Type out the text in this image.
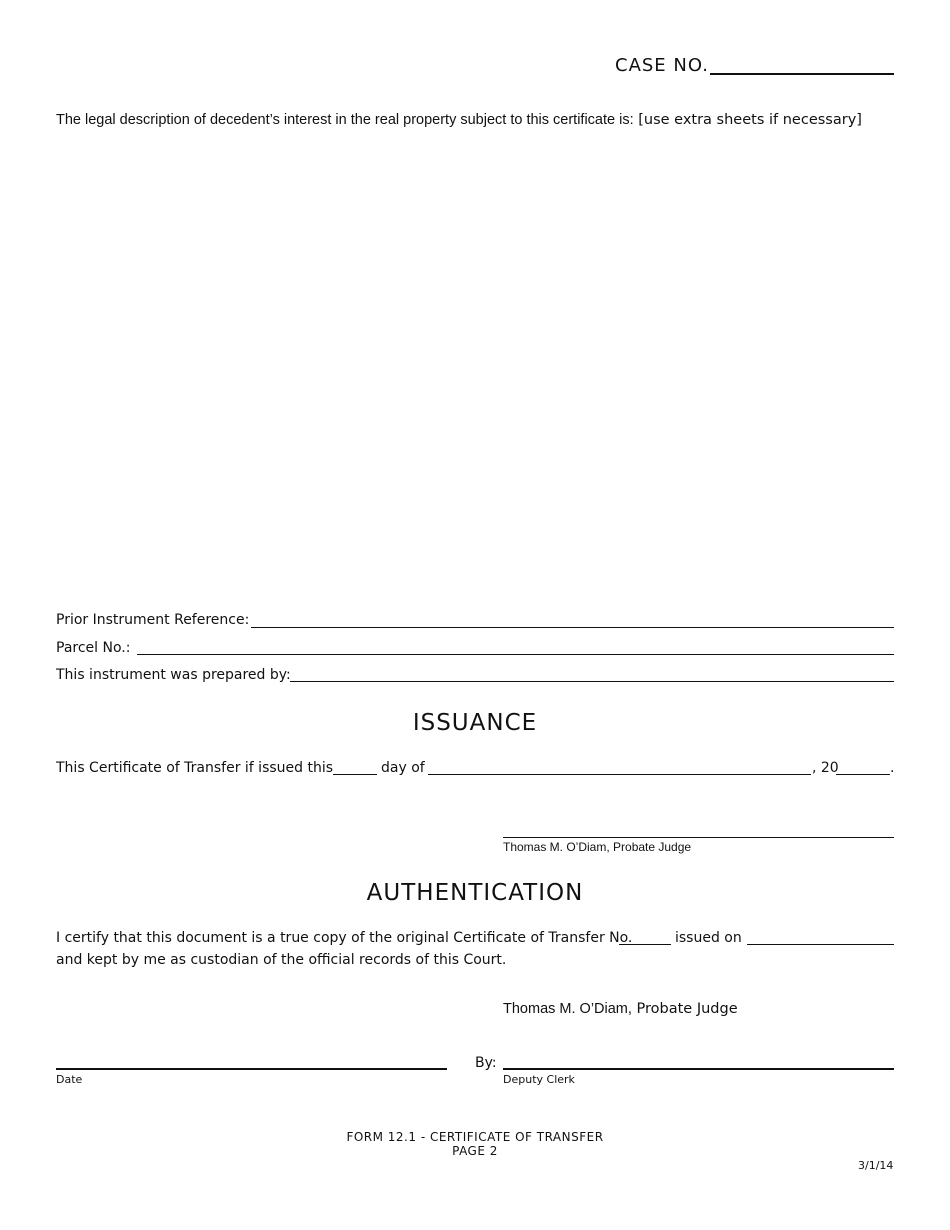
CASE NO.
The legal description of decedent’s interest in the real property subject to this certificate is: [use extra sheets if necessary]
Prior Instrument Reference:
Parcel No.:
This instrument was prepared by:
ISSUANCE
This Certificate of Transfer if issued this	day of	, 20	.
Thomas M. O’Diam, Probate Judge
AUTHENTICATION
I certify that this document is a true copy of the original Certificate of Transfer No.	issued on
and kept by me as custodian of the official records of this Court.
Thomas M. O’Diam, Probate Judge
Date
By:
Deputy Clerk
FORM 12.1 - CERTIFICATE OF TRANSFER
PAGE 2
3/1/14
